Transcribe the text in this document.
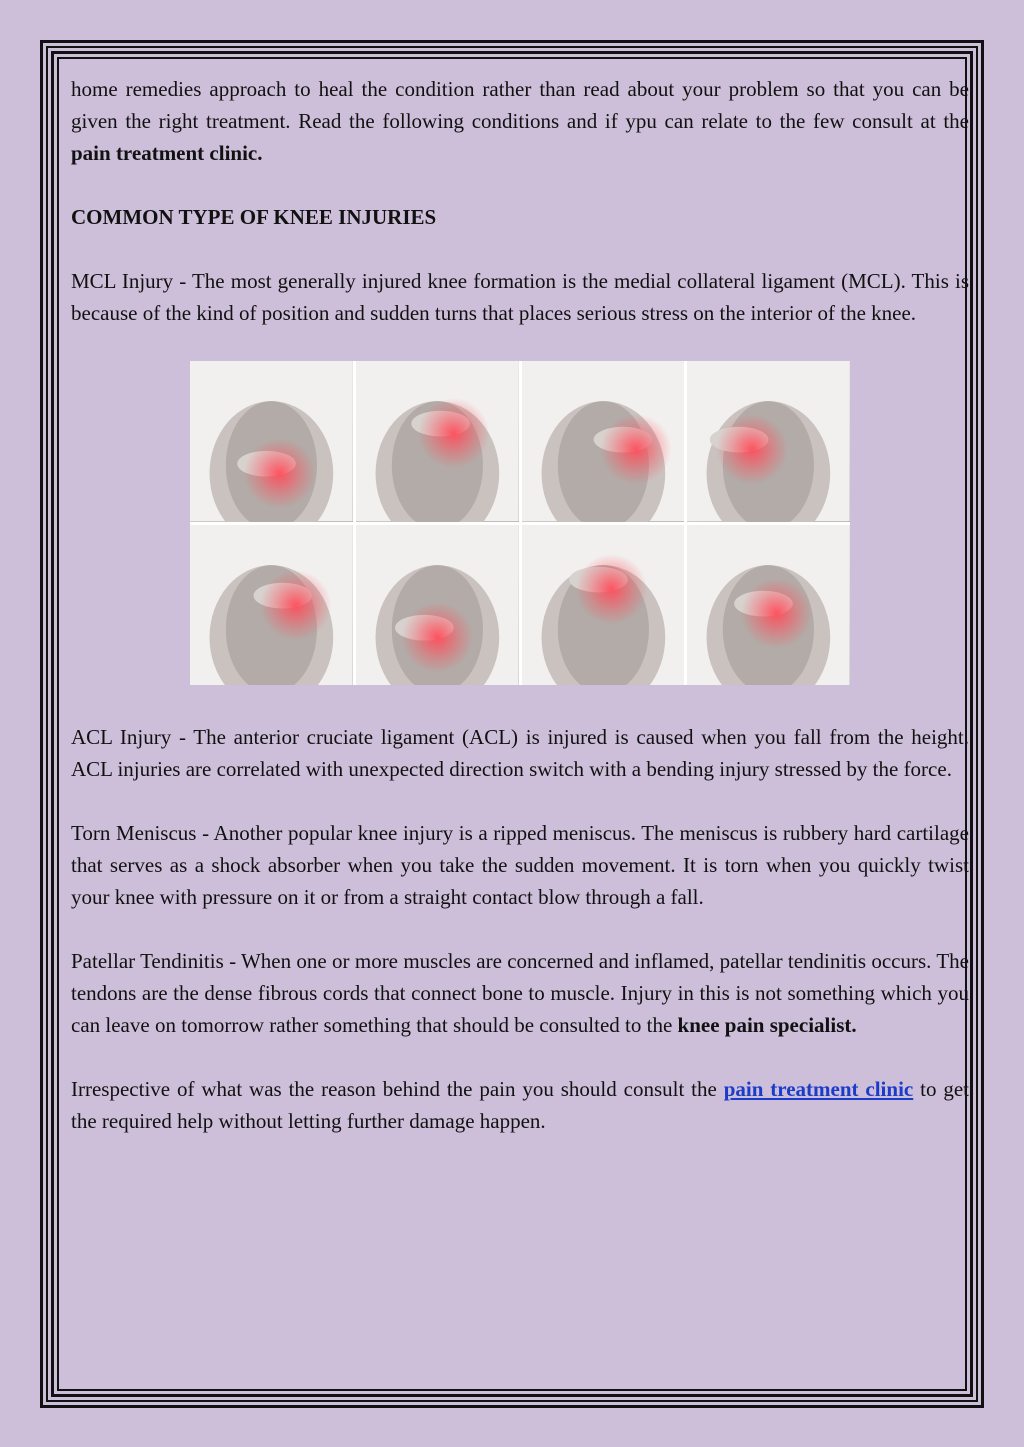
home remedies approach to heal the condition rather than read about your problem so that you can be given the right treatment. Read the following conditions and if ypu can relate to the few consult at the pain treatment clinic.

COMMON TYPE OF KNEE INJURIES

MCL Injury - The most generally injured knee formation is the medial collateral ligament (MCL). This is because of the kind of position and sudden turns that places serious stress on the interior of the knee.

ACL Injury - The anterior cruciate ligament (ACL) is injured is caused when you fall from the height. ACL injuries are correlated with unexpected direction switch with a bending injury stressed by the force.

Torn Meniscus - Another popular knee injury is a ripped meniscus. The meniscus is rubbery hard cartilage that serves as a shock absorber when you take the sudden movement. It is torn when you quickly twist your knee with pressure on it or from a straight contact blow through a fall.

Patellar Tendinitis - When one or more muscles are concerned and inflamed, patellar tendinitis occurs. The tendons are the dense fibrous cords that connect bone to muscle. Injury in this is not something which you can leave on tomorrow rather something that should be consulted to the knee pain specialist.

Irrespective of what was the reason behind the pain you should consult the pain treatment clinic to get the required help without letting further damage happen.
